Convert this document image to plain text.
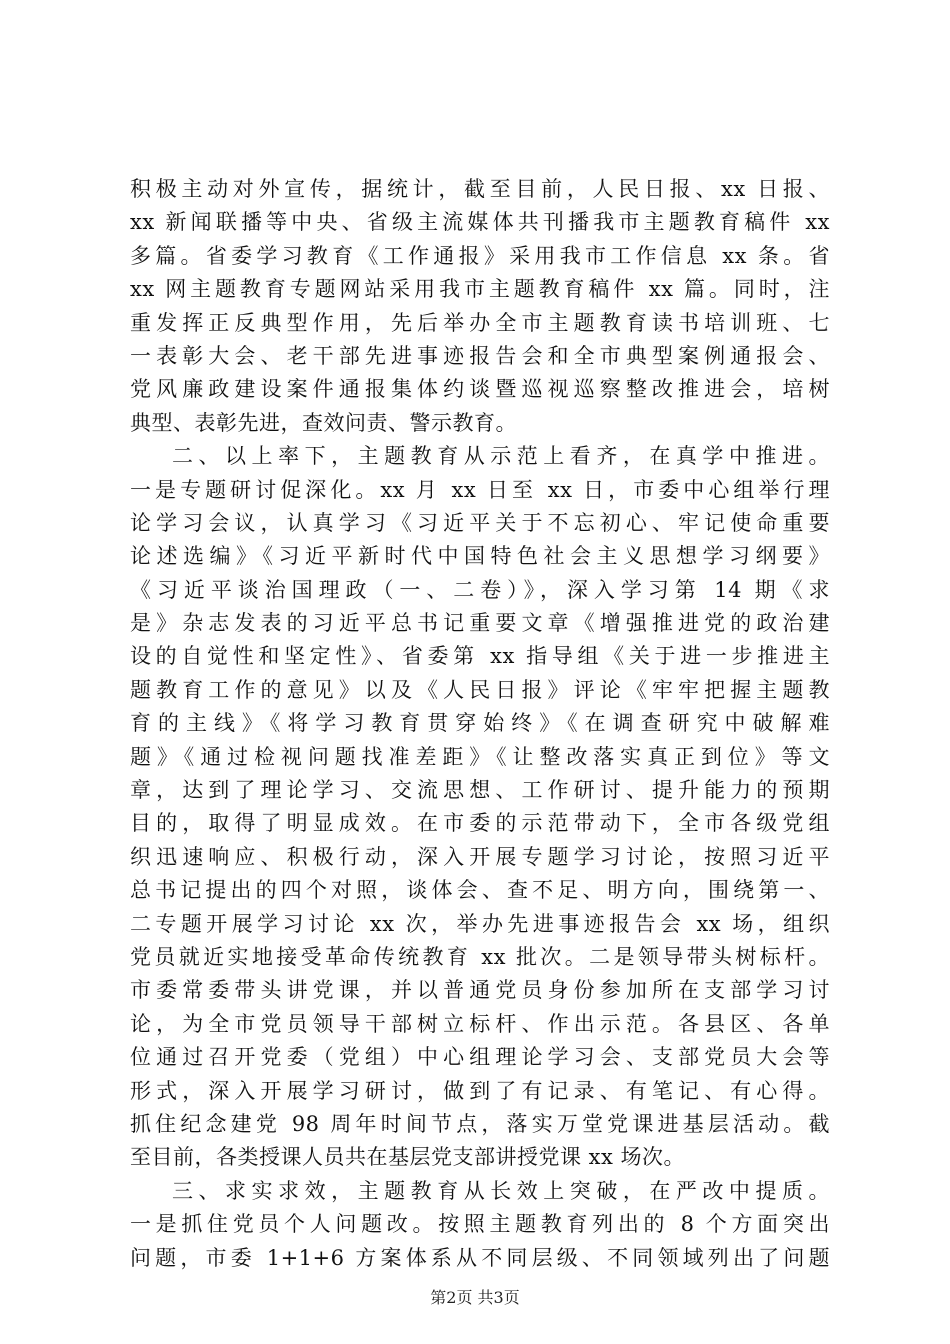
积极主动对外宣传，据统计，截至目前，人民日报、xx 日报、
xx 新闻联播等中央、省级主流媒体共刊播我市主题教育稿件 xx
多篇。省委学习教育《工作通报》采用我市工作信息 xx 条。省
xx 网主题教育专题网站采用我市主题教育稿件 xx 篇。同时，注
重发挥正反典型作用，先后举办全市主题教育读书培训班、七
一表彰大会、老干部先进事迹报告会和全市典型案例通报会、
党风廉政建设案件通报集体约谈暨巡视巡察整改推进会，培树
典型、表彰先进，查效问责、警示教育。
二、以上率下，主题教育从示范上看齐，在真学中推进。
一是专题研讨促深化。xx 月 xx 日至 xx 日，市委中心组举行理
论学习会议，认真学习《习近平关于不忘初心、牢记使命重要
论述选编》《习近平新时代中国特色社会主义思想学习纲要》
《习近平谈治国理政（一、二卷）》，深入学习第 14 期《求
是》杂志发表的习近平总书记重要文章《增强推进党的政治建
设的自觉性和坚定性》、省委第 xx 指导组《关于进一步推进主
题教育工作的意见》以及《人民日报》评论《牢牢把握主题教
育的主线》《将学习教育贯穿始终》《在调查研究中破解难
题》《通过检视问题找准差距》《让整改落实真正到位》等文
章，达到了理论学习、交流思想、工作研讨、提升能力的预期
目的，取得了明显成效。在市委的示范带动下，全市各级党组
织迅速响应、积极行动，深入开展专题学习讨论，按照习近平
总书记提出的四个对照，谈体会、查不足、明方向，围绕第一、
二专题开展学习讨论 xx 次，举办先进事迹报告会 xx 场，组织
党员就近实地接受革命传统教育 xx 批次。二是领导带头树标杆。
市委常委带头讲党课，并以普通党员身份参加所在支部学习讨
论，为全市党员领导干部树立标杆、作出示范。各县区、各单
位通过召开党委（党组）中心组理论学习会、支部党员大会等
形式，深入开展学习研讨，做到了有记录、有笔记、有心得。
抓住纪念建党 98 周年时间节点，落实万堂党课进基层活动。截
至目前，各类授课人员共在基层党支部讲授党课 xx 场次。
三、求实求效，主题教育从长效上突破，在严改中提质。
一是抓住党员个人问题改。按照主题教育列出的 8 个方面突出
问题，市委 1+1+6 方案体系从不同层级、不同领域列出了问题
第2页 共3页
